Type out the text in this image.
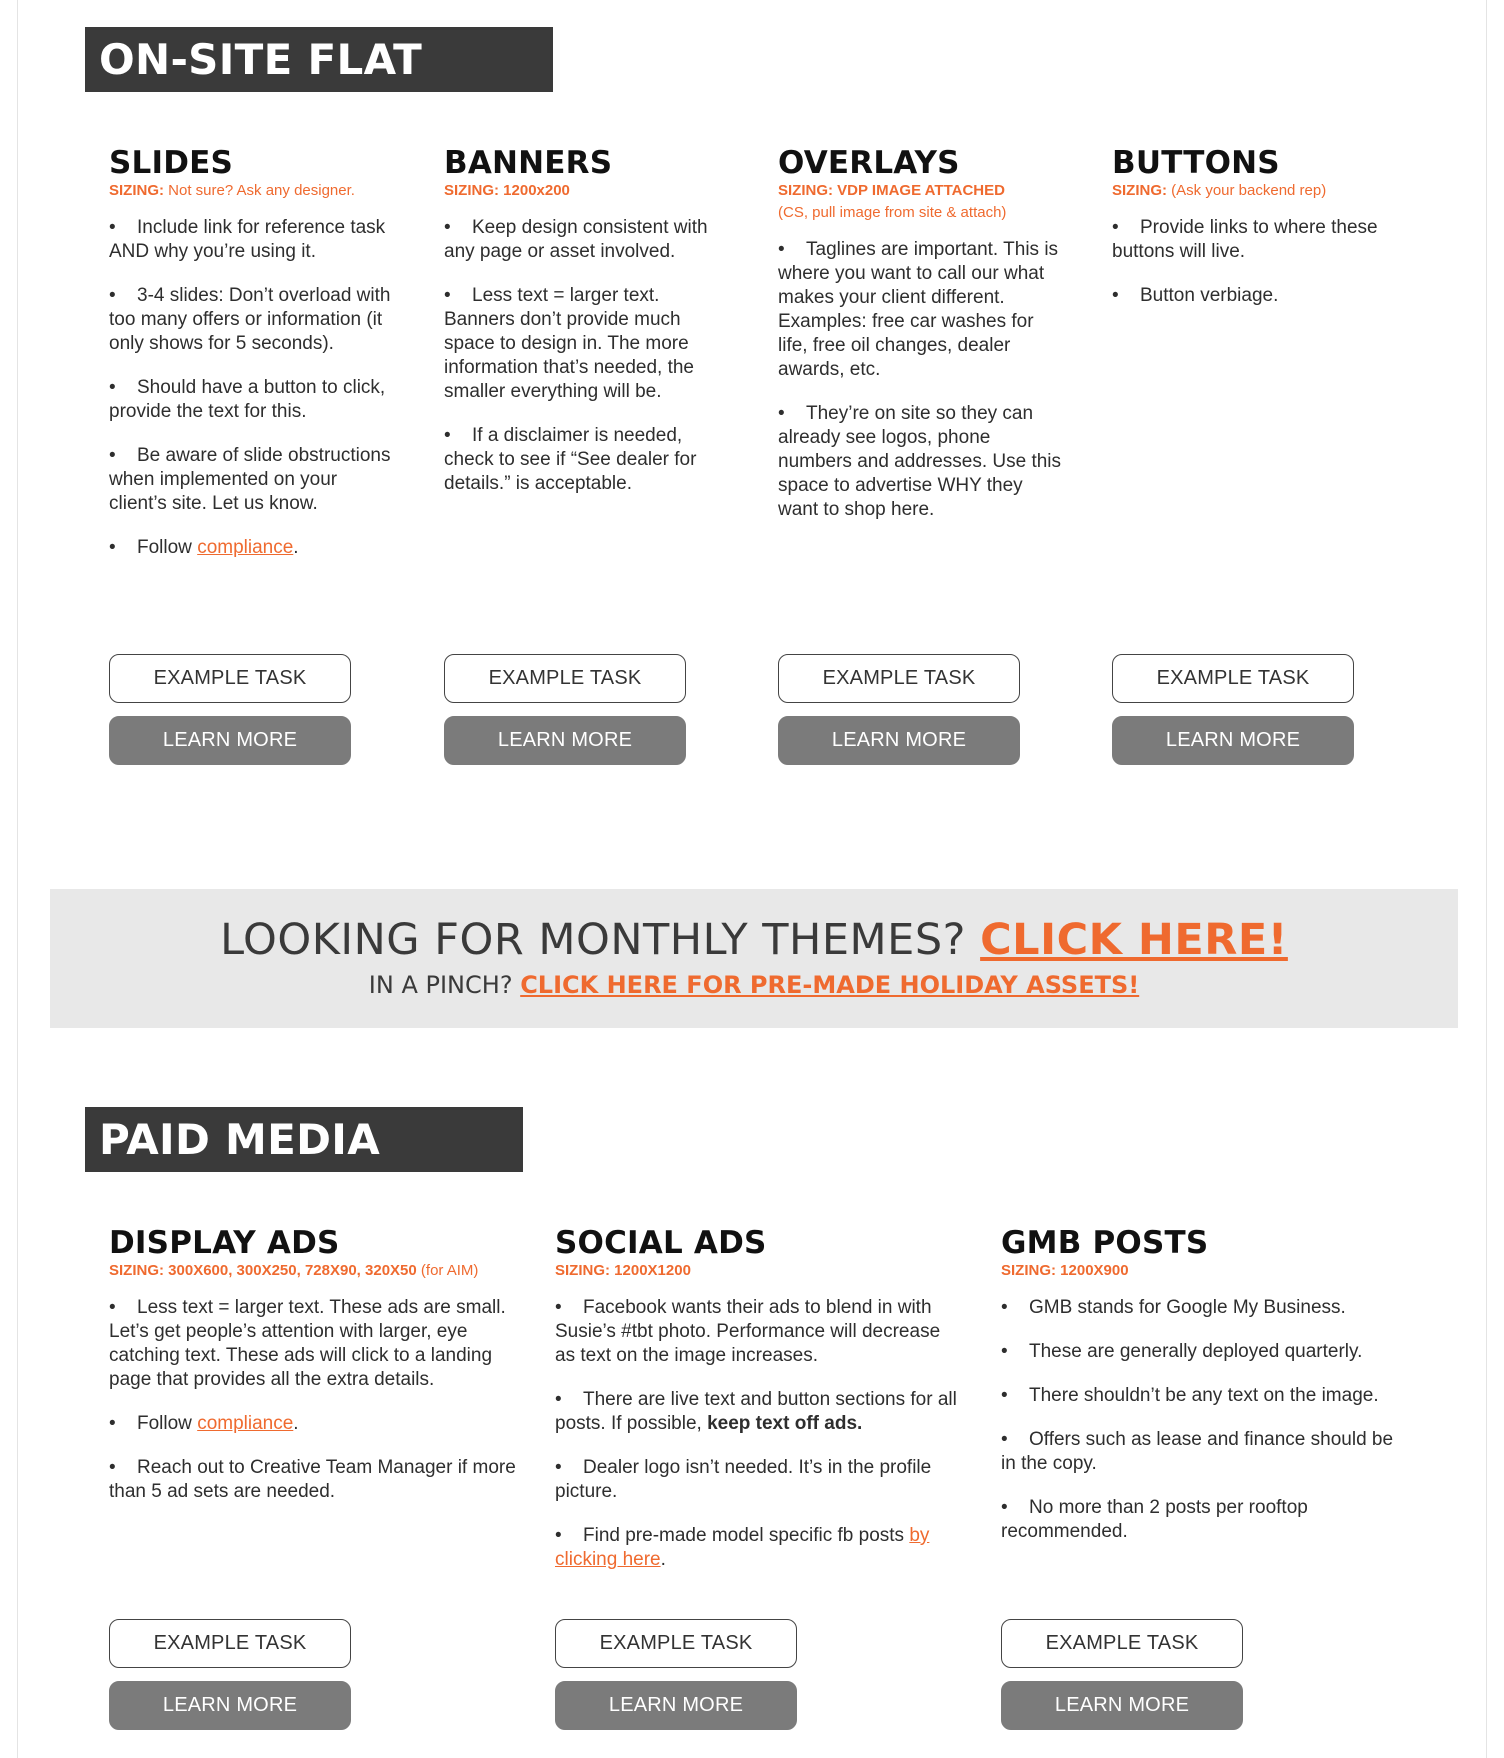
ON-SITE FLAT ASSETS
SLIDES
SIZING: Not sure? Ask any designer.
• Include link for reference task AND why you’re using it.
• 3-4 slides: Don’t overload with too many offers or information (it only shows for 5 seconds).
• Should have a button to click, provide the text for this.
• Be aware of slide obstructions when implemented on your client’s site. Let us know.
• Follow compliance.
EXAMPLE TASK
LEARN MORE
BANNERS
SIZING: 1200x200
• Keep design consistent with any page or asset involved.
• Less text = larger text. Banners don’t provide much space to design in. The more information that’s needed, the smaller everything will be.
• If a disclaimer is needed, check to see if “See dealer for details.” is acceptable.
EXAMPLE TASK
LEARN MORE
OVERLAYS
SIZING: VDP IMAGE ATTACHED
(CS, pull image from site & attach)
• Taglines are important. This is where you want to call our what makes your client different. Examples: free car washes for life, free oil changes, dealer awards, etc.
• They’re on site so they can already see logos, phone numbers and addresses. Use this space to advertise WHY they want to shop here.
EXAMPLE TASK
LEARN MORE
BUTTONS
SIZING: (Ask your backend rep)
• Provide links to where these buttons will live.
• Button verbiage.
EXAMPLE TASK
LEARN MORE
LOOKING FOR MONTHLY THEMES? CLICK HERE!
IN A PINCH? CLICK HERE FOR PRE-MADE HOLIDAY ASSETS!
PAID MEDIA ASSETS
DISPLAY ADS
SIZING: 300X600, 300X250, 728X90, 320X50 (for AIM)
• Less text = larger text. These ads are small. Let’s get people’s attention with larger, eye catching text. These ads will click to a landing page that provides all the extra details.
• Follow compliance.
• Reach out to Creative Team Manager if more than 5 ad sets are needed.
EXAMPLE TASK
LEARN MORE
SOCIAL ADS
SIZING: 1200X1200
• Facebook wants their ads to blend in with Susie’s #tbt photo. Performance will decrease as text on the image increases.
• There are live text and button sections for all posts. If possible, keep text off ads.
• Dealer logo isn’t needed. It’s in the profile picture.
• Find pre-made model specific fb posts by clicking here.
EXAMPLE TASK
LEARN MORE
GMB POSTS
SIZING: 1200X900
• GMB stands for Google My Business.
• These are generally deployed quarterly.
• There shouldn’t be any text on the image.
• Offers such as lease and finance should be in the copy.
• No more than 2 posts per rooftop recommended.
EXAMPLE TASK
LEARN MORE
